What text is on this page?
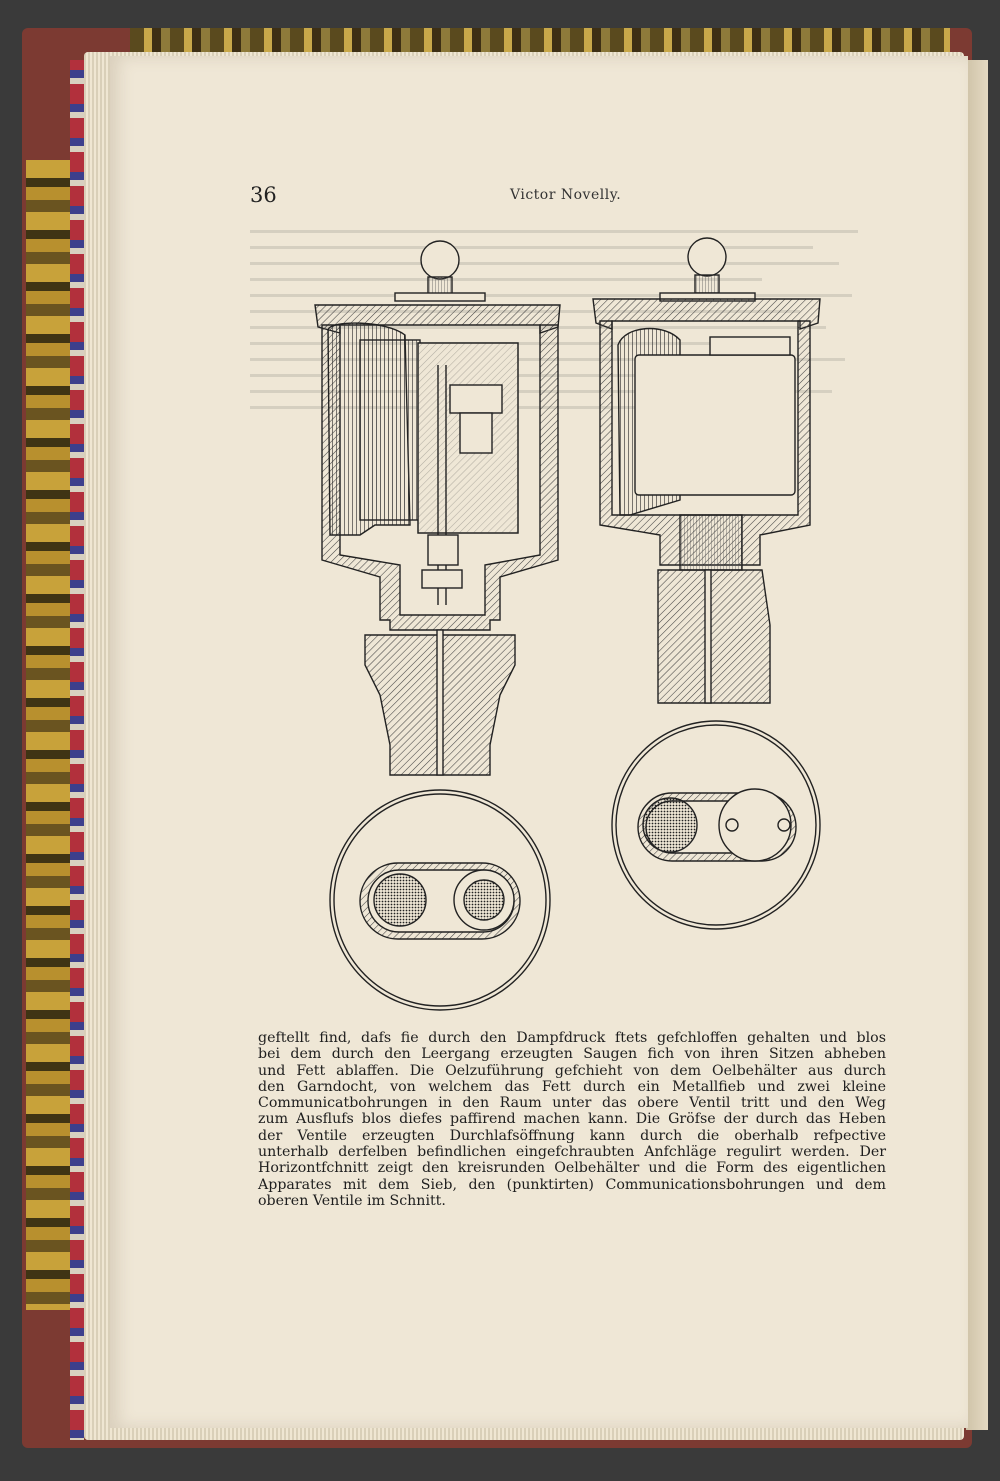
36	Victor Novelly.
geftellt find, dafs fie durch den Dampfdruck ftets gefchloffen gehalten und blos
bei dem durch den Leergang erzeugten Saugen fich von ihren Sitzen abheben
und Fett ablaffen. Die Oelzuführung gefchieht von dem Oelbehälter aus durch
den Garndocht, von welchem das Fett durch ein Metallfieb und zwei kleine
Communicatbohrungen in den Raum unter das obere Ventil tritt und den Weg
zum Ausflufs blos diefes paffirend machen kann. Die Gröfse der durch das Heben
der Ventile erzeugten Durchlafsöffnung kann durch die oberhalb refpective
unterhalb derfelben befindlichen eingefchraubten Anfchläge regulirt werden. Der
Horizontfchnitt zeigt den kreisrunden Oelbehälter und die Form des eigentlichen
Apparates mit dem Sieb, den (punktirten) Communicationsbohrungen und dem
oberen Ventile im Schnitt.
